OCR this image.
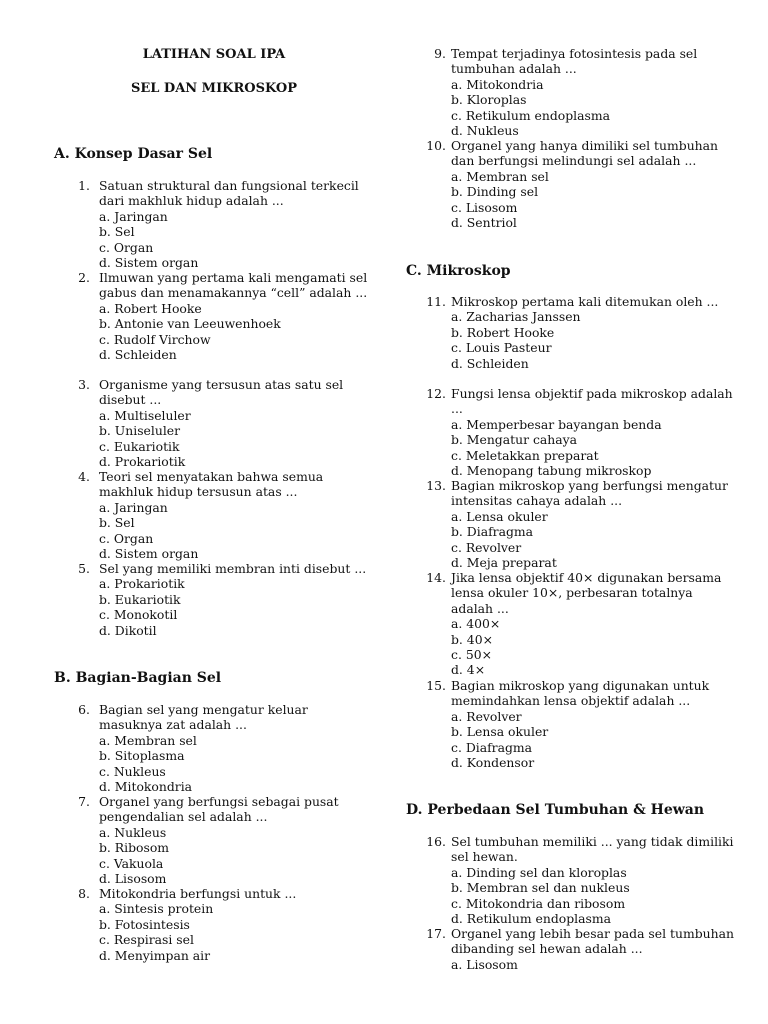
LATIHAN SOAL IPA
SEL DAN MIKROSKOP
A. Konsep Dasar Sel
1. Satuan struktural dan fungsional terkecil dari makhluk hidup adalah ...
a. Jaringan
b. Sel
c. Organ
d. Sistem organ
2. Ilmuwan yang pertama kali mengamati sel gabus dan menamakannya “cell” adalah ...
a. Robert Hooke
b. Antonie van Leeuwenhoek
c. Rudolf Virchow
d. Schleiden
3. Organisme yang tersusun atas satu sel disebut ...
a. Multiseluler
b. Uniseluler
c. Eukariotik
d. Prokariotik
4. Teori sel menyatakan bahwa semua makhluk hidup tersusun atas ...
a. Jaringan
b. Sel
c. Organ
d. Sistem organ
5. Sel yang memiliki membran inti disebut ...
a. Prokariotik
b. Eukariotik
c. Monokotil
d. Dikotil
B. Bagian-Bagian Sel
6. Bagian sel yang mengatur keluar masuknya zat adalah ...
a. Membran sel
b. Sitoplasma
c. Nukleus
d. Mitokondria
7. Organel yang berfungsi sebagai pusat pengendalian sel adalah ...
a. Nukleus
b. Ribosom
c. Vakuola
d. Lisosom
8. Mitokondria berfungsi untuk ...
a. Sintesis protein
b. Fotosintesis
c. Respirasi sel
d. Menyimpan air
9. Tempat terjadinya fotosintesis pada sel tumbuhan adalah ...
a. Mitokondria
b. Kloroplas
c. Retikulum endoplasma
d. Nukleus
10. Organel yang hanya dimiliki sel tumbuhan dan berfungsi melindungi sel adalah ...
a. Membran sel
b. Dinding sel
c. Lisosom
d. Sentriol
C. Mikroskop
11. Mikroskop pertama kali ditemukan oleh ...
a. Zacharias Janssen
b. Robert Hooke
c. Louis Pasteur
d. Schleiden
12. Fungsi lensa objektif pada mikroskop adalah ...
a. Memperbesar bayangan benda
b. Mengatur cahaya
c. Meletakkan preparat
d. Menopang tabung mikroskop
13. Bagian mikroskop yang berfungsi mengatur intensitas cahaya adalah ...
a. Lensa okuler
b. Diafragma
c. Revolver
d. Meja preparat
14. Jika lensa objektif 40× digunakan bersama lensa okuler 10×, perbesaran totalnya adalah ...
a. 400×
b. 40×
c. 50×
d. 4×
15. Bagian mikroskop yang digunakan untuk memindahkan lensa objektif adalah ...
a. Revolver
b. Lensa okuler
c. Diafragma
d. Kondensor
D. Perbedaan Sel Tumbuhan & Hewan
16. Sel tumbuhan memiliki ... yang tidak dimiliki sel hewan.
a. Dinding sel dan kloroplas
b. Membran sel dan nukleus
c. Mitokondria dan ribosom
d. Retikulum endoplasma
17. Organel yang lebih besar pada sel tumbuhan dibanding sel hewan adalah ...
a. Lisosom
